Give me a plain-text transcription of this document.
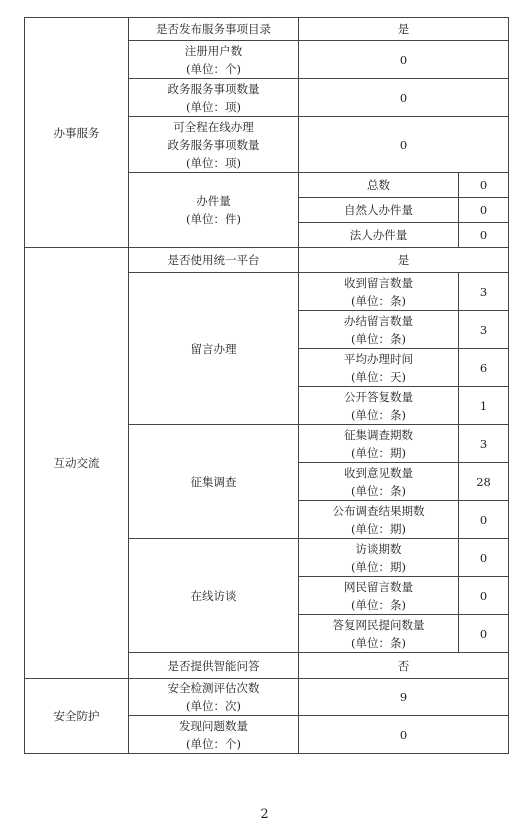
办事服务	是否发布服务事项目录	是	

	注册用户数
(单位：个)	0	

	政务服务事项数量
(单位：项)	0	

	可全程在线办理
政务服务事项数量
(单位：项)	0	

	办件量
(单位：件)	总数	0
		自然人办件量	0
		法人办件量	0
互动交流	是否使用统一平台	是	
	留言办理	收到留言数量
(单位：条)	3

		办结留言数量
(单位：条)	3

		平均办理时间
(单位：天)	6

		公开答复数量
(单位：条)	1
	征集调查	征集调查期数
(单位：期)	3

		收到意见数量
(单位：条)	28

		公布调查结果期数
(单位：期)	0
	在线访谈	访谈期数
(单位：期)	0

		网民留言数量
(单位：条)	0

		答复网民提问数量
(单位：条)	0
	是否提供智能问答	否	
安全防护	安全检测评估次数
(单位：次)	9	

	发现问题数量
(单位：个)	0	
2
